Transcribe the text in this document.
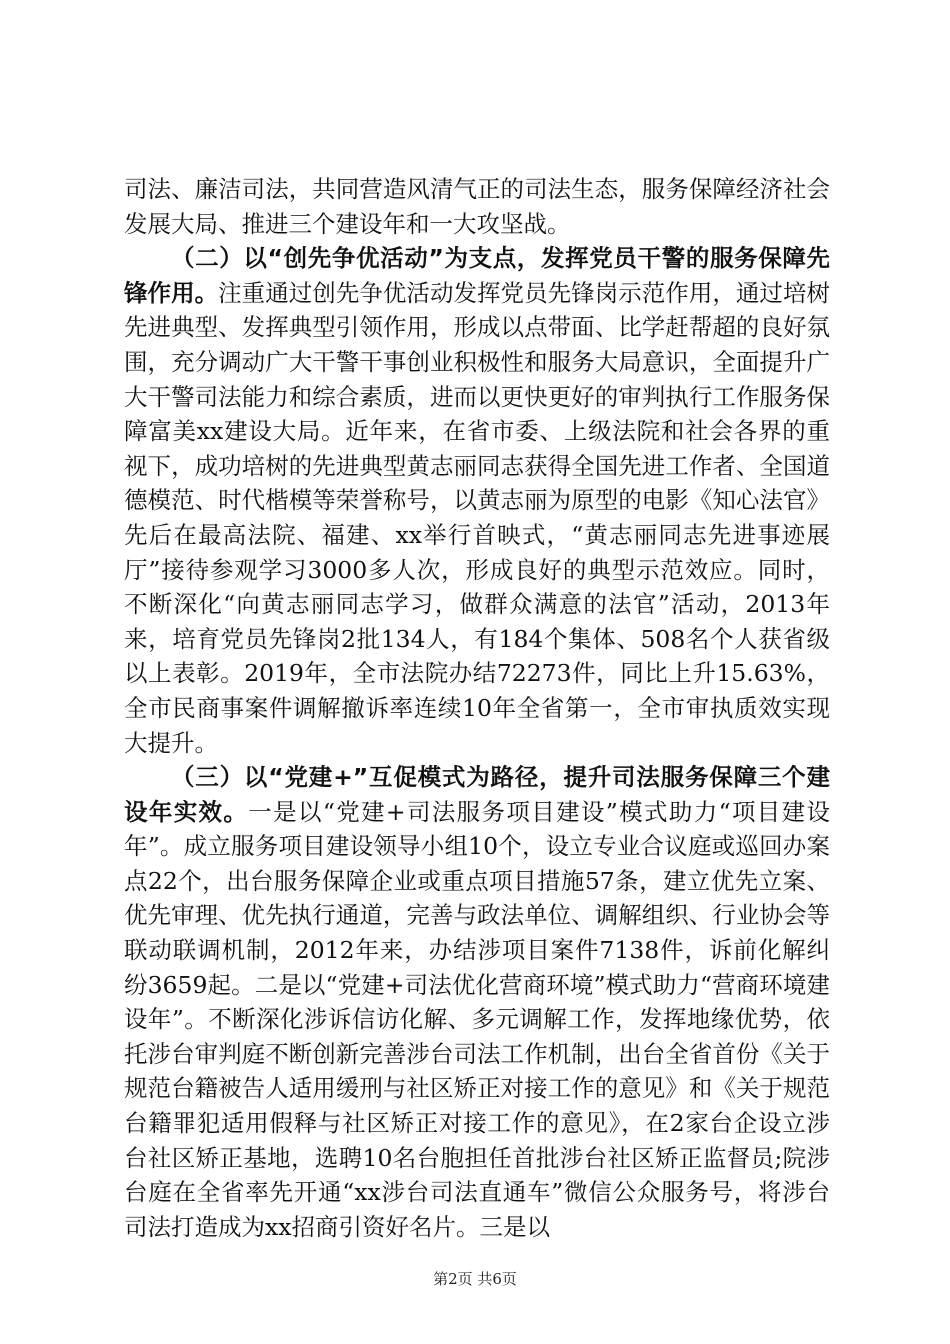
司法、廉洁司法，共同营造风清气正的司法生态，服务保障经济社会发展大局、推进三个建设年和一大攻坚战。

（二）以“创先争优活动”为支点，发挥党员干警的服务保障先锋作用。注重通过创先争优活动发挥党员先锋岗示范作用，通过培树先进典型、发挥典型引领作用，形成以点带面、比学赶帮超的良好氛围，充分调动广大干警干事创业积极性和服务大局意识，全面提升广大干警司法能力和综合素质，进而以更快更好的审判执行工作服务保障富美xx建设大局。近年来，在省市委、上级法院和社会各界的重视下，成功培树的先进典型黄志丽同志获得全国先进工作者、全国道德模范、时代楷模等荣誉称号，以黄志丽为原型的电影《知心法官》先后在最高法院、福建、xx举行首映式，“黄志丽同志先进事迹展厅”接待参观学习3000多人次，形成良好的典型示范效应。同时，不断深化“向黄志丽同志学习，做群众满意的法官”活动，2013年来，培育党员先锋岗2批134人，有184个集体、508名个人获省级以上表彰。2019年，全市法院办结72273件，同比上升15.63%，全市民商事案件调解撤诉率连续10年全省第一，全市审执质效实现大提升。

（三）以“党建+”互促模式为路径，提升司法服务保障三个建设年实效。一是以“党建+司法服务项目建设”模式助力“项目建设年”。成立服务项目建设领导小组10个，设立专业合议庭或巡回办案点22个，出台服务保障企业或重点项目措施57条，建立优先立案、优先审理、优先执行通道，完善与政法单位、调解组织、行业协会等联动联调机制，2012年来，办结涉项目案件7138件，诉前化解纠纷3659起。二是以“党建+司法优化营商环境”模式助力“营商环境建设年”。不断深化涉诉信访化解、多元调解工作，发挥地缘优势，依托涉台审判庭不断创新完善涉台司法工作机制，出台全省首份《关于规范台籍被告人适用缓刑与社区矫正对接工作的意见》和《关于规范台籍罪犯适用假释与社区矫正对接工作的意见》，在2家台企设立涉台社区矫正基地，选聘10名台胞担任首批涉台社区矫正监督员;院涉台庭在全省率先开通“xx涉台司法直通车”微信公众服务号，将涉台司法打造成为xx招商引资好名片。三是以

第2页 共6页
